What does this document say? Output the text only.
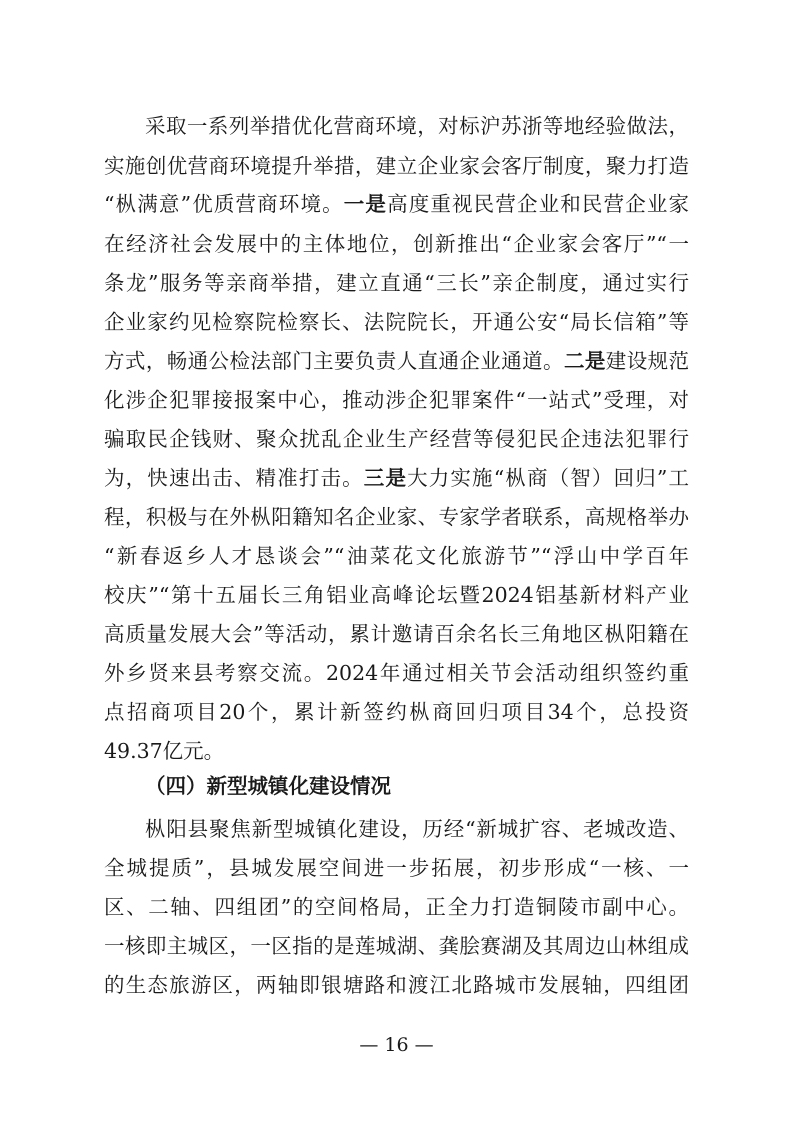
采取一系列举措优化营商环境，对标沪苏浙等地经验做法，
实施创优营商环境提升举措，建立企业家会客厅制度，聚力打造
“枞满意”优质营商环境。一是高度重视民营企业和民营企业家
在经济社会发展中的主体地位，创新推出“企业家会客厅”“一
条龙”服务等亲商举措，建立直通“三长”亲企制度，通过实行
企业家约见检察院检察长、法院院长，开通公安“局长信箱”等
方式，畅通公检法部门主要负责人直通企业通道。二是建设规范
化涉企犯罪接报案中心，推动涉企犯罪案件“一站式”受理，对
骗取民企钱财、聚众扰乱企业生产经营等侵犯民企违法犯罪行
为，快速出击、精准打击。三是大力实施“枞商（智）回归”工
程，积极与在外枞阳籍知名企业家、专家学者联系，高规格举办
“新春返乡人才恳谈会”“油菜花文化旅游节”“浮山中学百年
校庆”“第十五届长三角铝业高峰论坛暨2024铝基新材料产业
高质量发展大会”等活动，累计邀请百余名长三角地区枞阳籍在
外乡贤来县考察交流。2024年通过相关节会活动组织签约重
点招商项目20个，累计新签约枞商回归项目34个，总投资
49.37亿元。
（四）新型城镇化建设情况
枞阳县聚焦新型城镇化建设，历经“新城扩容、老城改造、
全城提质”，县城发展空间进一步拓展，初步形成“一核、一
区、二轴、四组团”的空间格局，正全力打造铜陵市副中心。
一核即主城区，一区指的是莲城湖、龚脍赛湖及其周边山林组成
的生态旅游区，两轴即银塘路和渡江北路城市发展轴，四组团
— 16 —
